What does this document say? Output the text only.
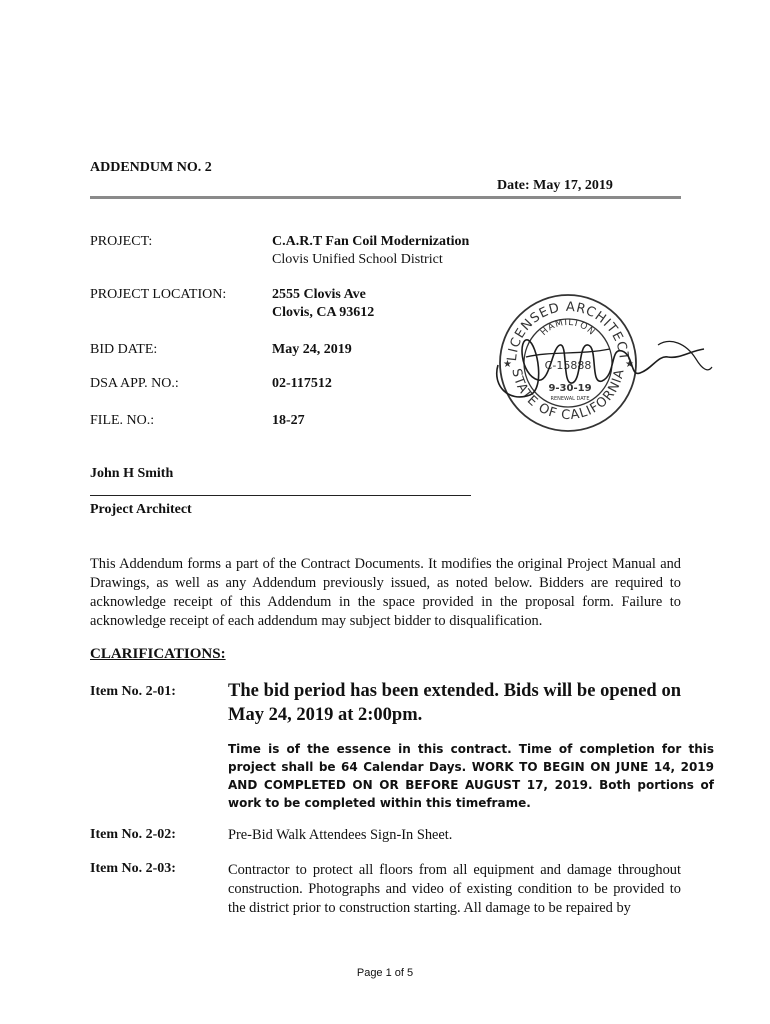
ADDENDUM NO. 2
Date: May 17, 2019
PROJECT:	C.A.R.T Fan Coil Modernization
Clovis Unified School District
PROJECT LOCATION:	2555 Clovis Ave
Clovis, CA 93612
BID DATE:	May 24, 2019
DSA APP. NO.:	02-117512
FILE. NO.:	18-27
LICENSED ARCHITECT
STATE OF CALIFORNIA
HAMILTON
★	★
C-15888
9-30-19
RENEWAL DATE
John H Smith
Project Architect
This Addendum forms a part of the Contract Documents. It modifies the original Project Manual and Drawings, as well as any Addendum previously issued, as noted below. Bidders are required to acknowledge receipt of this Addendum in the space provided in the proposal form. Failure to acknowledge receipt of each addendum may subject bidder to disqualification.
CLARIFICATIONS:
Item No. 2-01:	The bid period has been extended. Bids will be opened on May 24, 2019 at 2:00pm.
Time is of the essence in this contract. Time of completion for this project shall be 64 Calendar Days. WORK TO BEGIN ON JUNE 14, 2019 AND COMPLETED ON OR BEFORE AUGUST 17, 2019. Both portions of work to be completed within this timeframe.
Item No. 2-02:	Pre-Bid Walk Attendees Sign-In Sheet.
Item No. 2-03:	Contractor to protect all floors from all equipment and damage throughout construction. Photographs and video of existing condition to be provided to the district prior to construction starting. All damage to be repaired by
Page 1 of 5
